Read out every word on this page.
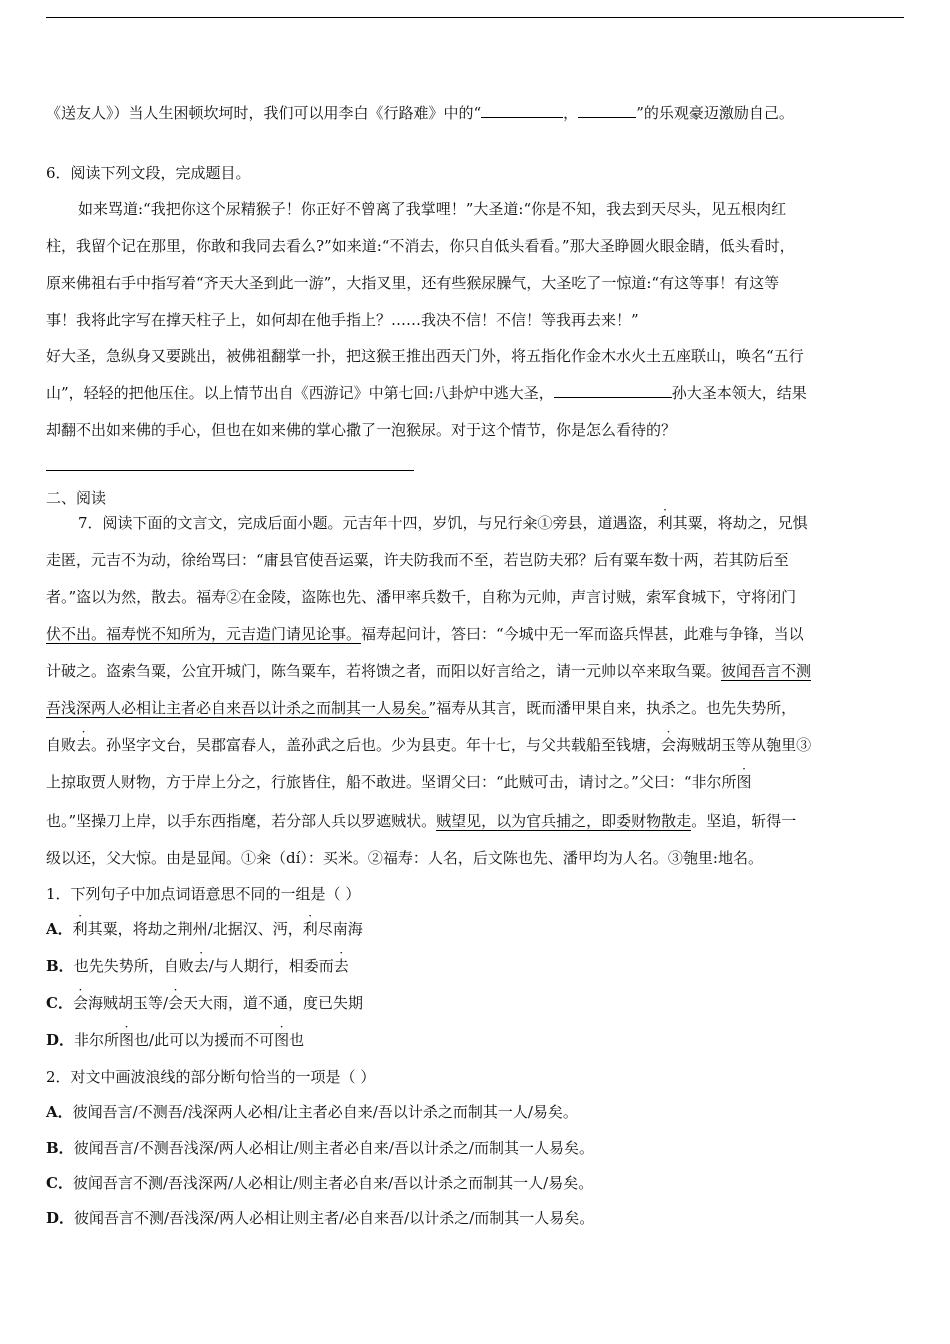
《送友人》）当人生困顿坎坷时，我们可以用李白《行路难》中的“	，	”的乐观豪迈激励自己。
6．阅读下列文段，完成题目。
如来骂道:“我把你这个尿精猴子！你正好不曾离了我掌哩！”大圣道:“你是不知，我去到天尽头，见五根肉红
柱，我留个记在那里，你敢和我同去看么?”如来道:“不消去，你只自低头看看。”那大圣睁圆火眼金睛，低头看时，
原来佛祖右手中指写着“齐天大圣到此一游”，大指叉里，还有些猴尿臊气，大圣吃了一惊道:“有这等事！有这等
事！我将此字写在撑天柱子上，如何却在他手指上？……我决不信！不信！等我再去来！”
好大圣，急纵身又要跳出，被佛祖翻掌一扑，把这猴王推出西天门外，将五指化作金木水火土五座联山，唤名“五行
山”，轻轻的把他压住。以上情节出自《西游记》中第七回:八卦炉中逃大圣，	孙大圣本领大，结果
却翻不出如来佛的手心，但也在如来佛的掌心撒了一泡猴尿。对于这个情节，你是怎么看待的？
二、阅读
7．阅读下面的文言文，完成后面小题。元吉年十四，岁饥，与兄行籴①旁县，道遇盗，利其粟，将劫之，兄惧
走匿，元吉不为动，徐绐骂曰：“庸县官使吾运粟，许夫防我而不至，若岂防夫邪？后有粟车数十两，若其防后至
者。”盗以为然，散去。福寿②在金陵，盗陈也先、潘甲率兵数千，自称为元帅，声言讨贼，索军食城下，守将闭门
伏不出。福寿恍不知所为，元吉造门请见论事。福寿起问计，答曰：“今城中无一军而盗兵悍甚，此难与争锋，当以
计破之。盗索刍粟，公宜开城门，陈刍粟车，若将馈之者，而阳以好言给之，请一元帅以卒来取刍粟。彼闻吾言不测
吾浅深两人必相让主者必自来吾以计杀之而制其一人易矣。”福寿从其言，既而潘甲果自来，执杀之。也先失势所，
自败去。孙坚字文台，吴郡富春人，盖孙武之后也。少为县吏。年十七，与父共载船至钱塘，会海贼胡玉等从匏里③
上掠取贾人财物，方于岸上分之，行旅皆住，船不敢进。坚谓父曰：“此贼可击，请讨之。”父曰：“非尔所图
也。”坚操刀上岸，以手东西指麾，若分部人兵以罗遮贼状。贼望见，以为官兵捕之，即委财物散走。坚追，斩得一
级以还，父大惊。由是显闻。①籴（dí）：买米。②福寿：人名，后文陈也先、潘甲均为人名。③匏里:地名。
1．下列句子中加点词语意思不同的一组是（ ）
A．利其粟，将劫之荆州/北据汉、沔，利尽南海
B．也先失势所，自败去/与人期行，相委而去
C．会海贼胡玉等/会天大雨，道不通，度已失期
D．非尔所图也/此可以为援而不可图也
2．对文中画波浪线的部分断句恰当的一项是（ ）
A．彼闻吾言/不测吾/浅深两人必相/让主者必自来/吾以计杀之而制其一人/易矣。
B．彼闻吾言/不测吾浅深/两人必相让/则主者必自来/吾以计杀之/而制其一人易矣。
C．彼闻吾言不测/吾浅深两/人必相让/则主者必自来/吾以计杀之而制其一人/易矣。
D．彼闻吾言不测/吾浅深/两人必相让则主者/必自来吾/以计杀之/而制其一人易矣。
